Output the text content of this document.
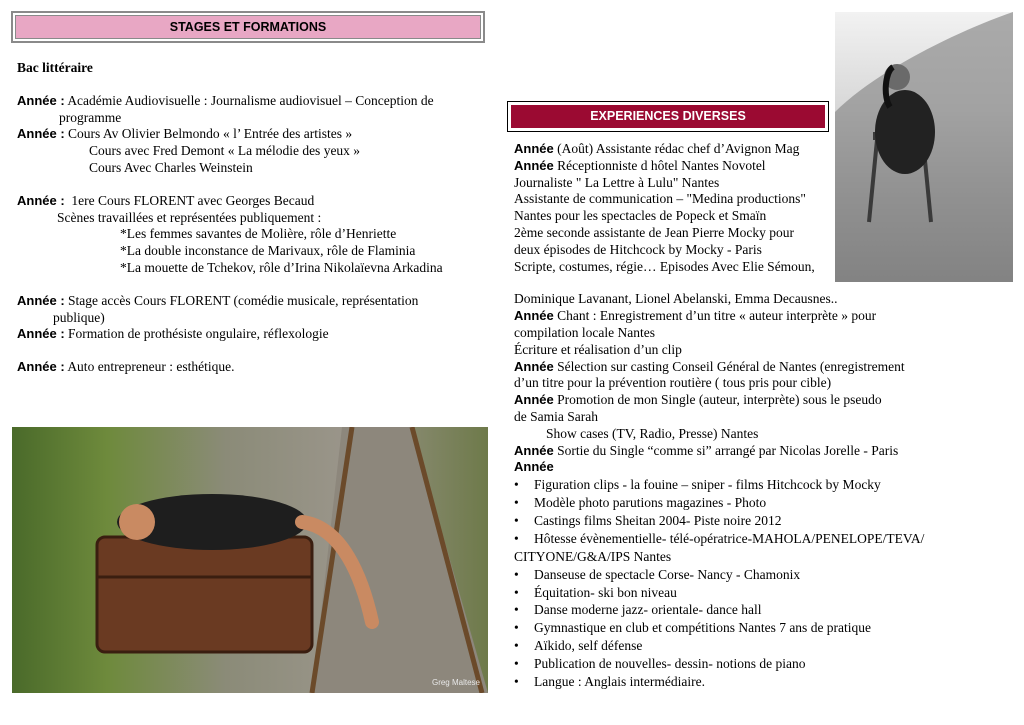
STAGES ET FORMATIONS

Bac littéraire

Année : Académie Audiovisuelle : Journalisme audiovisuel – Conception de

programme

Année : Cours Av Olivier Belmondo « l’ Entrée des artistes »

Cours avec Fred Demont « La mélodie des yeux »

Cours Avec Charles Weinstein

Année : 1ere Cours FLORENT avec Georges Becaud

Scènes travaillées et représentées publiquement :

*Les femmes savantes de Molière, rôle d’Henriette

*La double inconstance de Marivaux, rôle de Flaminia

*La mouette de Tchekov, rôle d’Irina Nikolaïevna Arkadina

Année : Stage accès Cours FLORENT (comédie musicale, représentation

publique)

Année : Formation de prothésiste ongulaire, réflexologie

Année : Auto entrepreneur : esthétique.

Greg Maltese
EXPERIENCES DIVERSES

Année (Août) Assistante rédac chef d’Avignon Mag

Année Réceptionniste d hôtel Nantes Novotel

Journaliste " La Lettre à Lulu" Nantes

Assistante de communication – "Medina productions"

Nantes pour les spectacles de Popeck et Smaïn

2ème seconde assistante de Jean Pierre Mocky pour

deux épisodes de Hitchcock by Mocky - Paris

Scripte, costumes, régie… Episodes Avec Elie Sémoun,

Dominique Lavanant, Lionel Abelanski, Emma Decausnes..

Année Chant : Enregistrement d’un titre « auteur interprète » pour

compilation locale Nantes

Écriture et réalisation d’un clip

Année Sélection sur casting Conseil Général de Nantes (enregistrement

d’un titre pour la prévention routière ( tous pris pour cible)

Année Promotion de mon Single (auteur, interprète) sous le pseudo

de Samia Sarah

Show cases (TV, Radio, Presse) Nantes

Année Sortie du Single “comme si” arrangé par Nicolas Jorelle - Paris

Année

• Figuration clips - la fouine – sniper - films Hitchcock by Mocky
• Modèle photo parutions magazines - Photo
• Castings films Sheitan 2004- Piste noire 2012
• Hôtesse évènementielle- télé-opératrice-MAHOLA/PENELOPE/TEVA/
CITYONE/G&A/IPS Nantes
• Danseuse de spectacle Corse- Nancy - Chamonix
• Équitation- ski bon niveau
• Danse moderne jazz- orientale- dance hall
• Gymnastique en club et compétitions Nantes 7 ans de pratique
• Aïkido, self défense
• Publication de nouvelles- dessin- notions de piano
• Langue : Anglais intermédiaire.
